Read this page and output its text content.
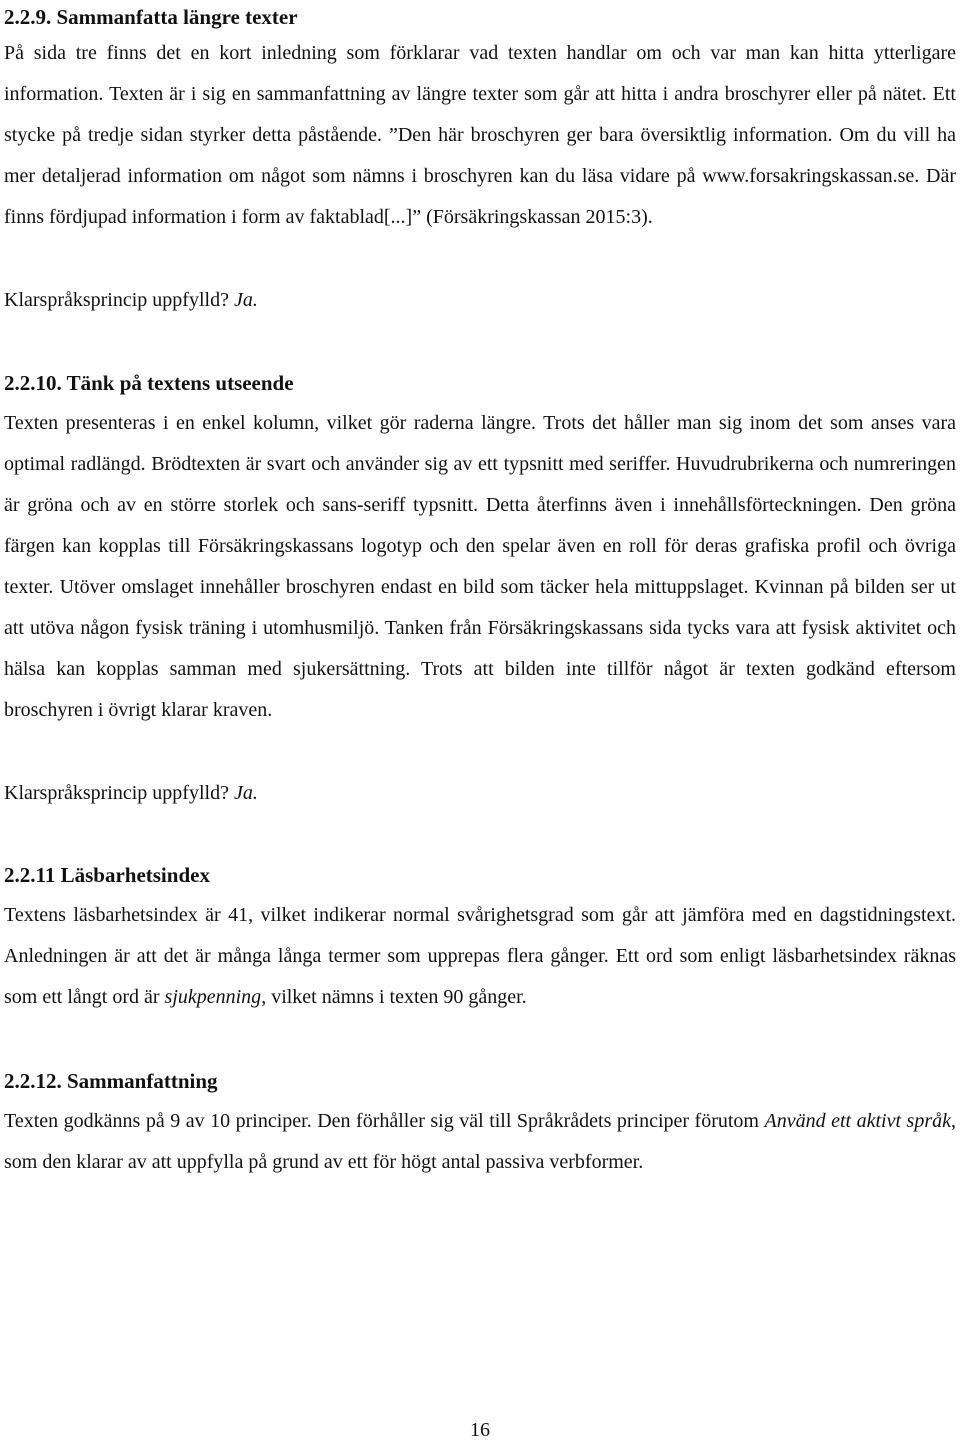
2.2.9. Sammanfatta längre texter

På sida tre finns det en kort inledning som förklarar vad texten handlar om och var man kan hitta ytterligare information. Texten är i sig en sammanfattning av längre texter som går att hitta i andra broschyrer eller på nätet. Ett stycke på tredje sidan styrker detta påstående. ”Den här broschyren ger bara översiktlig information. Om du vill ha mer detaljerad information om något som nämns i broschyren kan du läsa vidare på www.forsakringskassan.se. Där finns fördjupad information i form av faktablad[...]” (Försäkringskassan 2015:3).

Klarspråksprincip uppfylld? Ja.

2.2.10. Tänk på textens utseende

Texten presenteras i en enkel kolumn, vilket gör raderna längre. Trots det håller man sig inom det som anses vara optimal radlängd. Brödtexten är svart och använder sig av ett typsnitt med seriffer. Huvudrubrikerna och numreringen är gröna och av en större storlek och sans-seriff typsnitt. Detta återfinns även i innehållsförteckningen. Den gröna färgen kan kopplas till Försäkringskassans logotyp och den spelar även en roll för deras grafiska profil och övriga texter. Utöver omslaget innehåller broschyren endast en bild som täcker hela mittuppslaget. Kvinnan på bilden ser ut att utöva någon fysisk träning i utomhusmiljö. Tanken från Försäkringskassans sida tycks vara att fysisk aktivitet och hälsa kan kopplas samman med sjukersättning. Trots att bilden inte tillför något är texten godkänd eftersom broschyren i övrigt klarar kraven.

Klarspråksprincip uppfylld? Ja.

2.2.11 Läsbarhetsindex

Textens läsbarhetsindex är 41, vilket indikerar normal svårighetsgrad som går att jämföra med en dagstidningstext. Anledningen är att det är många långa termer som upprepas flera gånger. Ett ord som enligt läsbarhetsindex räknas som ett långt ord är sjukpenning, vilket nämns i texten 90 gånger.

2.2.12. Sammanfattning

Texten godkänns på 9 av 10 principer. Den förhåller sig väl till Språkrådets principer förutom Använd ett aktivt språk, som den klarar av att uppfylla på grund av ett för högt antal passiva verbformer.

16
